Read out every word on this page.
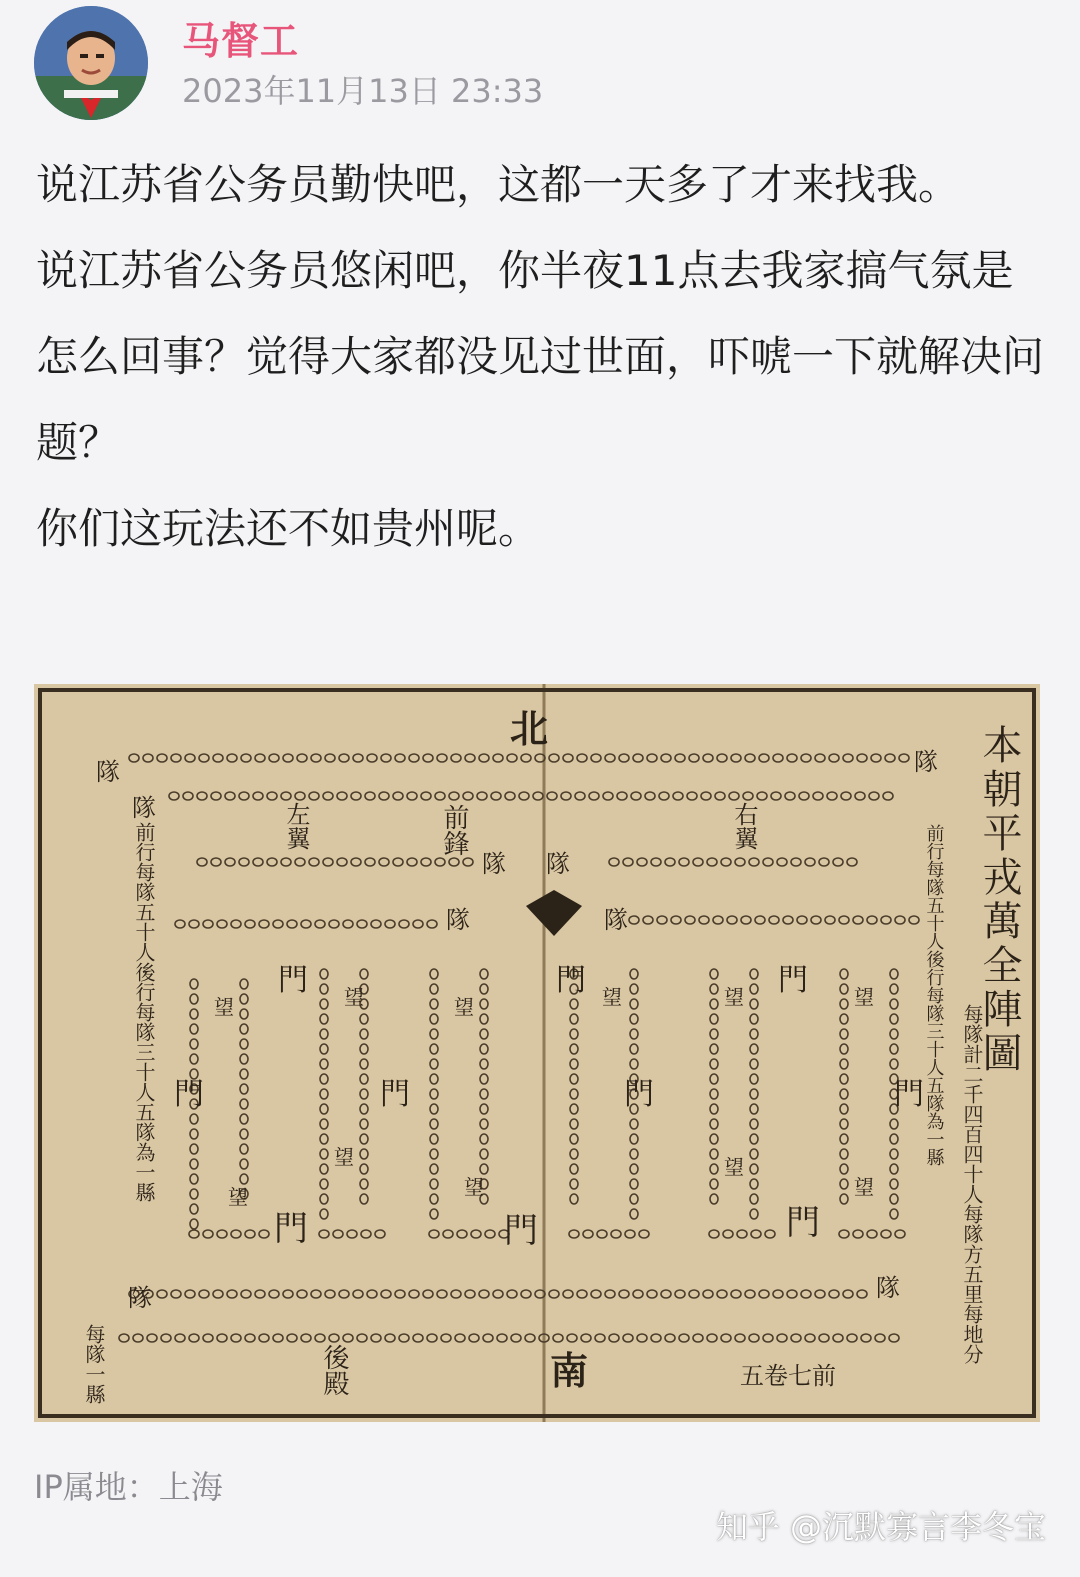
马督工
2023年11月13日 23:33

说江苏省公务员勤快吧，这都一天多了才来找我。

说江苏省公务员悠闲吧，你半夜11点去我家搞气氛是怎么回事？觉得大家都没见过世面，吓唬一下就解决问题？

你们这玩法还不如贵州呢。

本朝平戎萬全陣圖
每隊計二千四百四十人每隊方五里每地分
北
南
前鋒
後殿
左翼	右翼
前行每隊五十人後行每隊三十人五隊為一縣
每隊一縣
前行每隊五十人後行每隊三十人五隊為一縣
五卷七前
門	門	門
門	門	門
門	門	門	門
隊
隊
隊 隊
隊	隊
隊
隊	隊
望	望	望	望	望	望
望
望
望
望
望
IP属地：上海
知乎 @沉默寡言李冬宝
